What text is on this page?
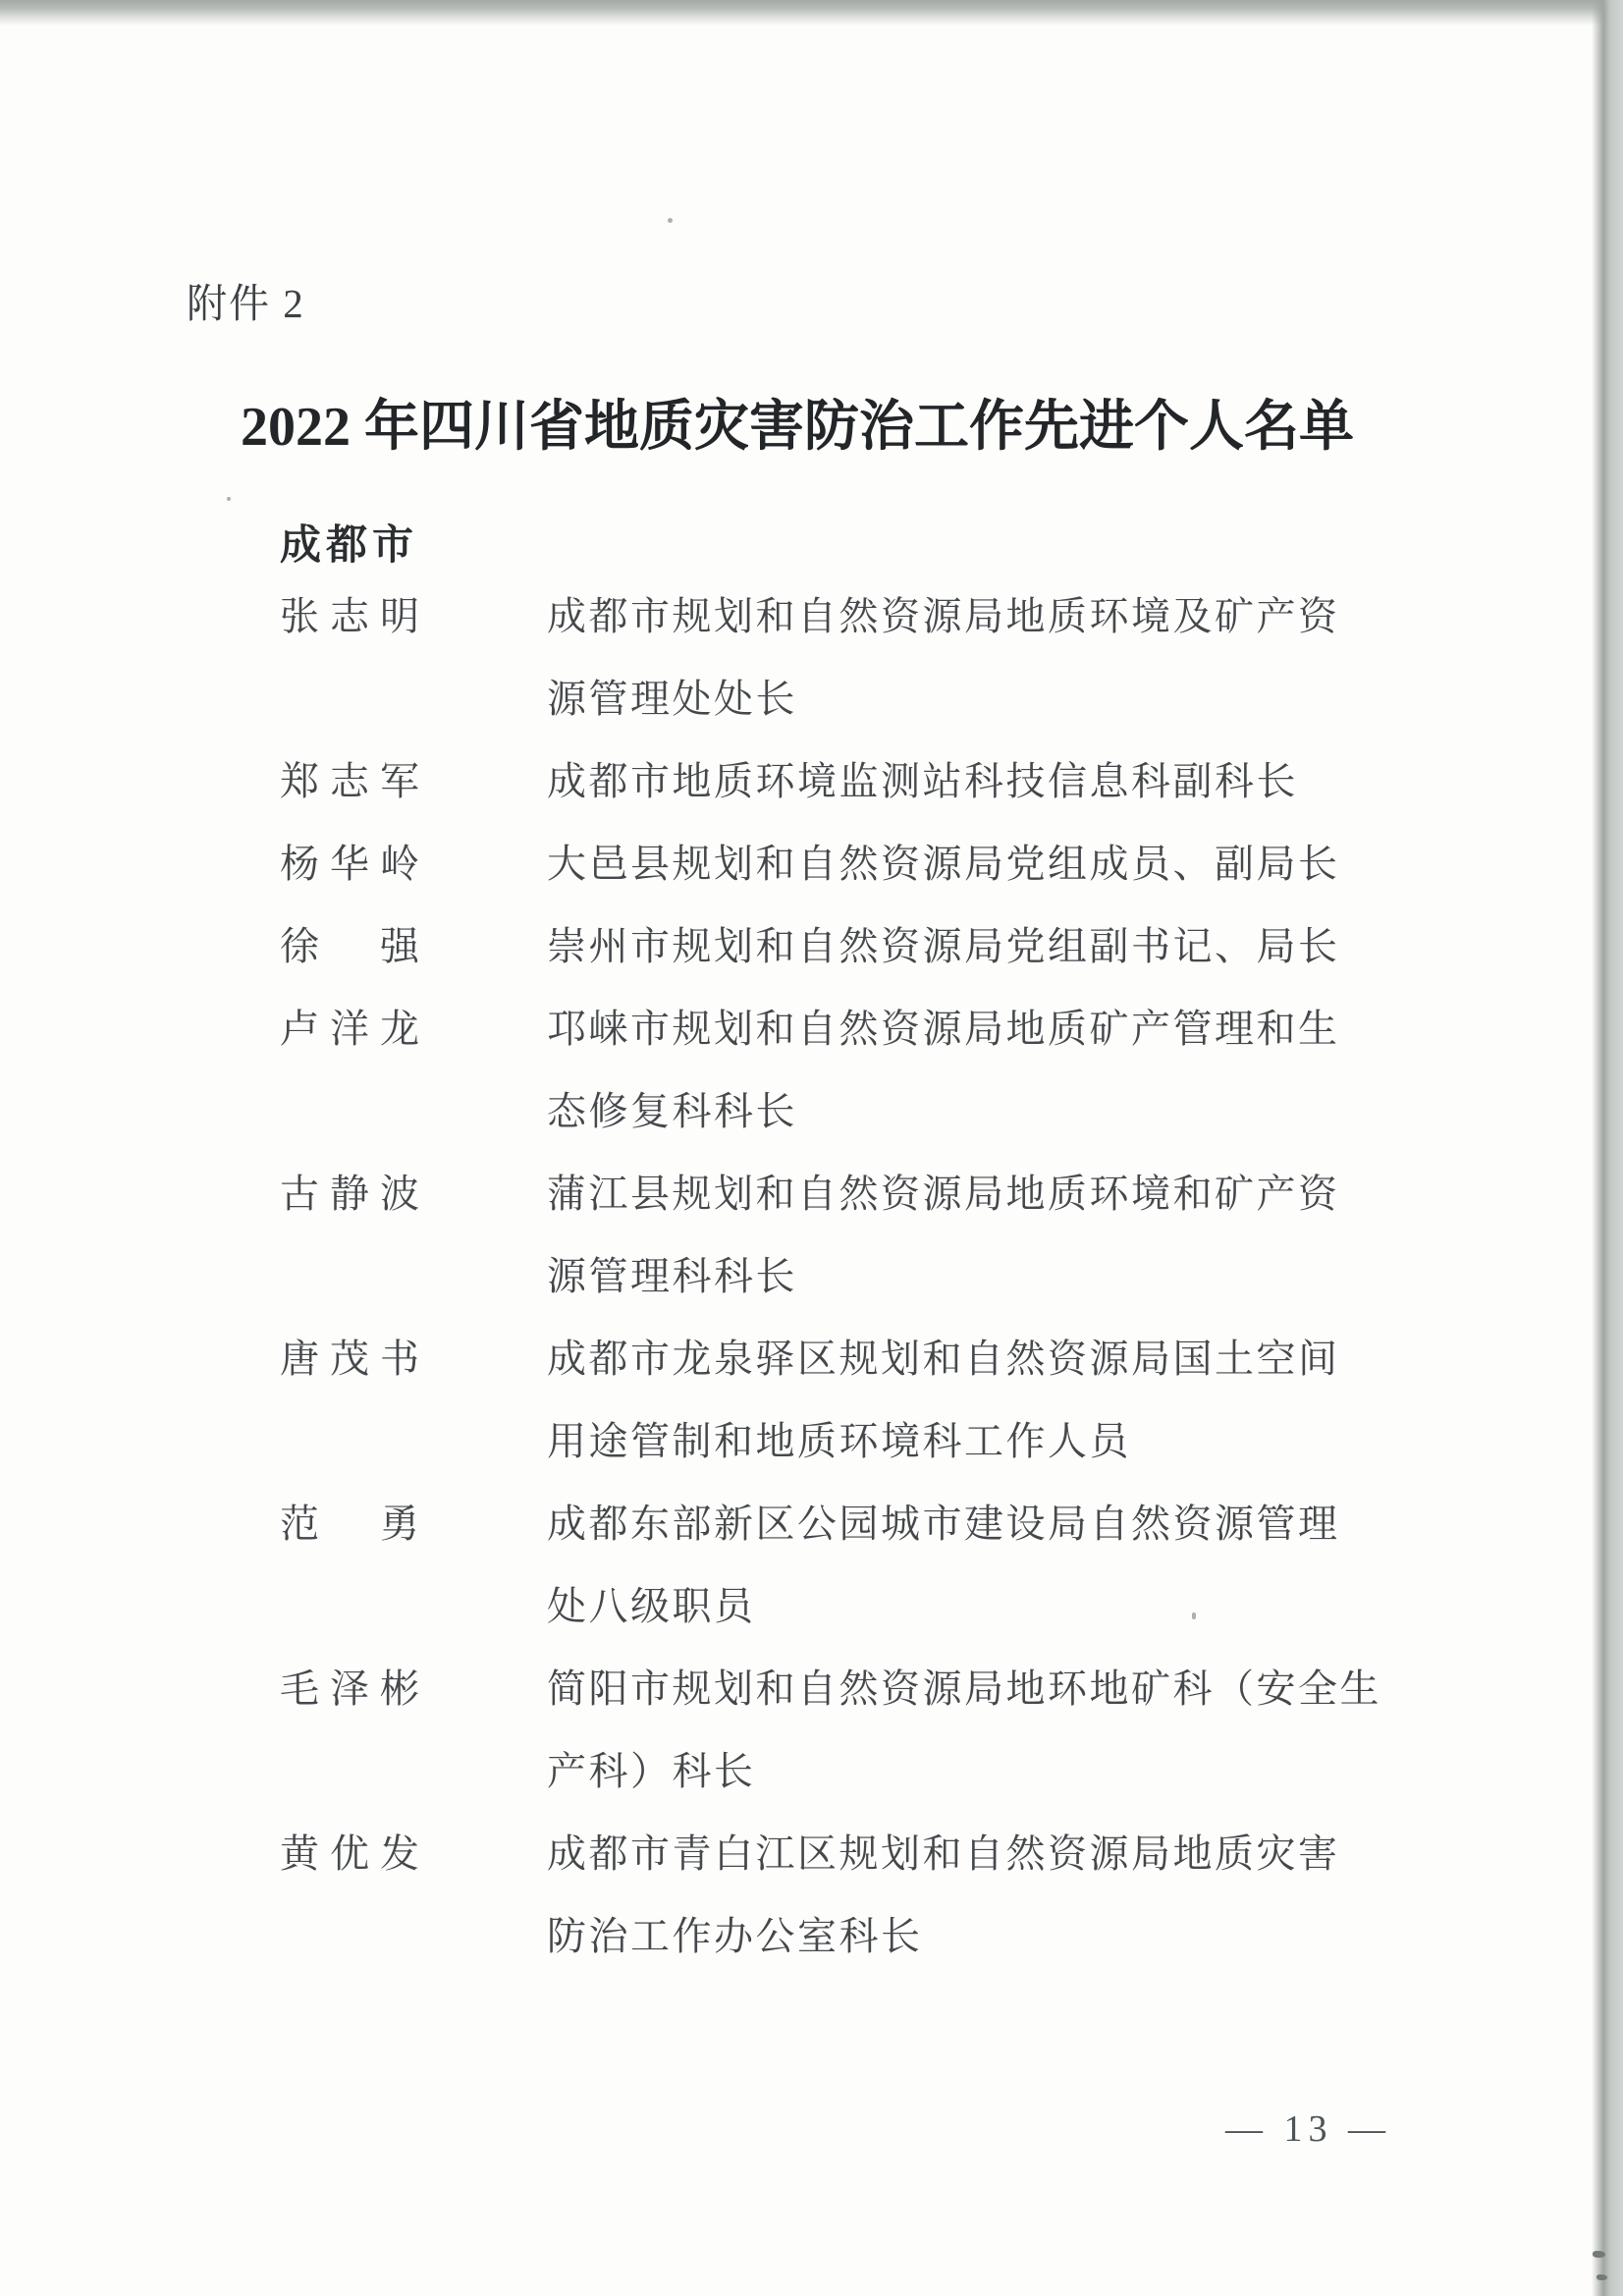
附件 2
2022 年四川省地质灾害防治工作先进个人名单
成都市
张志明	成都市规划和自然资源局地质环境及矿产资
源管理处处长
郑志军	成都市地质环境监测站科技信息科副科长
杨华岭	大邑县规划和自然资源局党组成员、副局长
徐　强	崇州市规划和自然资源局党组副书记、局长
卢洋龙	邛崃市规划和自然资源局地质矿产管理和生
态修复科科长
古静波	蒲江县规划和自然资源局地质环境和矿产资
源管理科科长
唐茂书	成都市龙泉驿区规划和自然资源局国土空间
用途管制和地质环境科工作人员
范　勇	成都东部新区公园城市建设局自然资源管理
处八级职员
毛泽彬	简阳市规划和自然资源局地环地矿科（安全生
产科）科长
黄优发	成都市青白江区规划和自然资源局地质灾害
防治工作办公室科长
— 13 —
